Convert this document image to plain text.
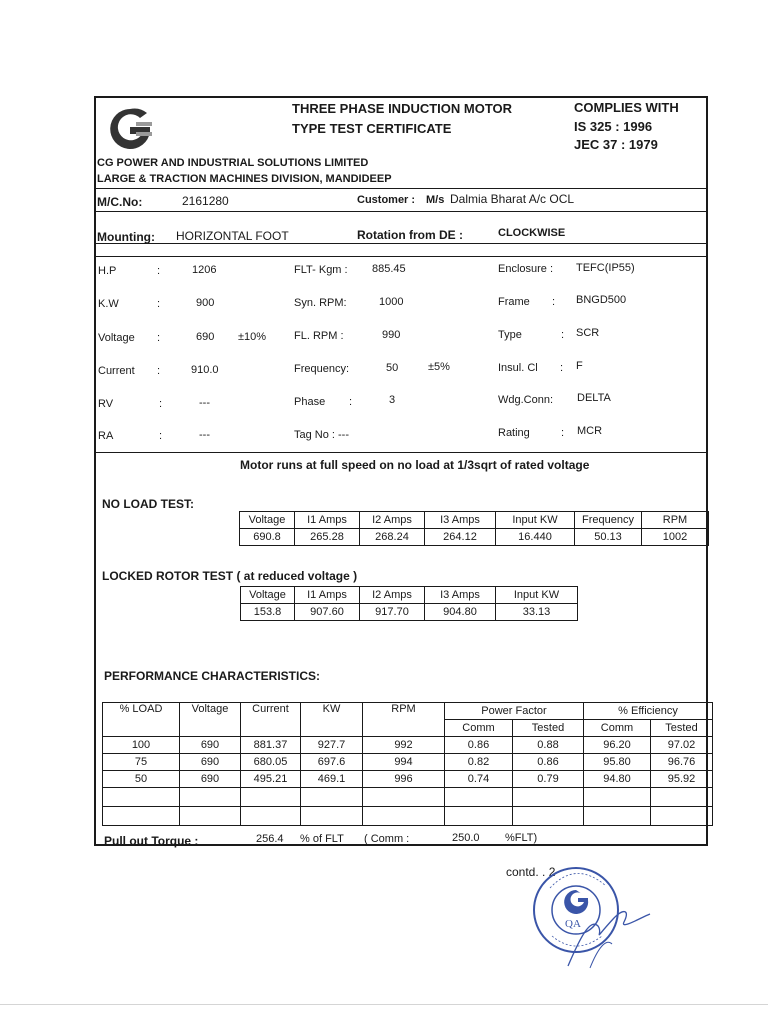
THREE PHASE INDUCTION MOTOR
TYPE TEST CERTIFICATE
COMPLIES WITH
IS 325 : 1996
JEC 37 : 1979
CG POWER AND INDUSTRIAL SOLUTIONS LIMITED
LARGE & TRACTION MACHINES DIVISION, MANDIDEEP
M/C.No:	2161280	Customer : M/s Dalmia Bharat A/c OCL
Mounting: HORIZONTAL FOOT	Rotation from DE :	CLOCKWISE
H.P	:	1206
K.W	:	900
Voltage :	690 ±10%
Current :	910.0
RV	:	---
RA	:	---
FLT- Kgm : 885.45
Syn. RPM:	1000
FL. RPM :	990
Frequency:	50	±5%
Phase :	3
Tag No : ---
Enclosure : TEFC(IP55)
Frame : BNGD500
Type	: SCR
Insul. Cl : F
Wdg.Conn: DELTA
Rating	: MCR
Motor runs at full speed on no load at 1/3sqrt of rated voltage
NO LOAD TEST:
Voltage	I1 Amps	I2 Amps	I3 Amps	Input KW	Frequency	RPM
690.8	265.28	268.24	264.12	16.440	50.13	1002
LOCKED ROTOR TEST ( at reduced voltage )
Voltage	I1 Amps	I2 Amps	I3 Amps	Input KW
153.8	907.60	917.70	904.80	33.13
PERFORMANCE CHARACTERISTICS:
% LOAD	Voltage	Current	KW	RPM	Power Factor		% Efficiency	
					Comm	Tested	Comm	Tested
100	690	881.37	927.7	992	0.86	0.88	96.20	97.02
75	690	680.05	697.6	994	0.82	0.86	95.80	96.76
50	690	495.21	469.1	996	0.74	0.79	94.80	95.92

Pull out Torque :	256.4 % of FLT ( Comm :	250.0 %FLT)
contd. . 2
QA
